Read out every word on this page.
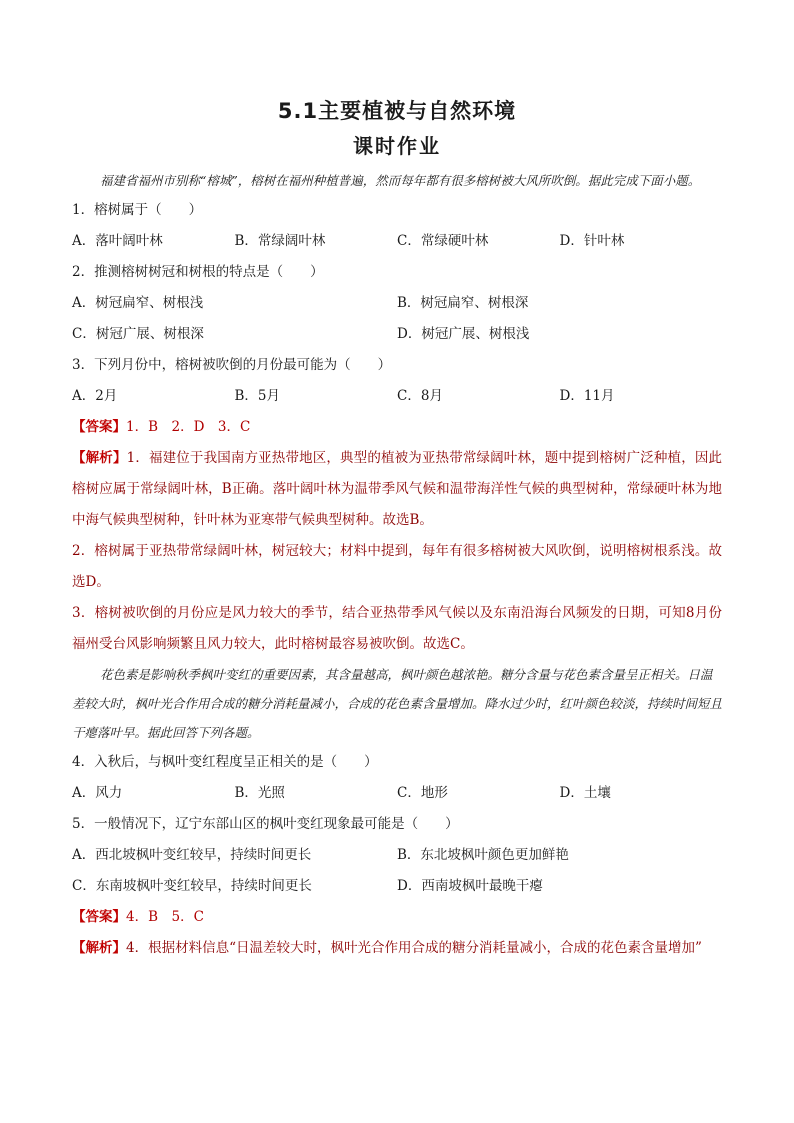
5.1主要植被与自然环境
课时作业

福建省福州市别称“榕城”，榕树在福州种植普遍，然而每年都有很多榕树被大风所吹倒。据此完成下面小题。

1．榕树属于（　　）

A．落叶阔叶林	B．常绿阔叶林	C．常绿硬叶林	D．针叶林

2．推测榕树树冠和树根的特点是（　　）

A．树冠扁窄、树根浅	B．树冠扁窄、树根深
C．树冠广展、树根深	D．树冠广展、树根浅

3．下列月份中，榕树被吹倒的月份最可能为（　　）

A．2月	B．5月	C．8月	D．11月

【答案】1．B　2．D　3．C

【解析】1．福建位于我国南方亚热带地区，典型的植被为亚热带常绿阔叶林，题中提到榕树广泛种植，因此榕树应属于常绿阔叶林，B正确。落叶阔叶林为温带季风气候和温带海洋性气候的典型树种，常绿硬叶林为地中海气候典型树种，针叶林为亚寒带气候典型树种。故选B。

2．榕树属于亚热带常绿阔叶林，树冠较大；材料中提到，每年有很多榕树被大风吹倒，说明榕树根系浅。故选D。

3．榕树被吹倒的月份应是风力较大的季节，结合亚热带季风气候以及东南沿海台风频发的日期，可知8月份福州受台风影响频繁且风力较大，此时榕树最容易被吹倒。故选C。

花色素是影响秋季枫叶变红的重要因素，其含量越高，枫叶颜色越浓艳。糖分含量与花色素含量呈正相关。日温差较大时，枫叶光合作用合成的糖分消耗量减小，合成的花色素含量增加。降水过少时，红叶颜色较淡，持续时间短且干瘪落叶早。据此回答下列各题。

4．入秋后，与枫叶变红程度呈正相关的是（　　）

A．风力	B．光照	C．地形	D．土壤

5．一般情况下，辽宁东部山区的枫叶变红现象最可能是（　　）

A．西北坡枫叶变红较早，持续时间更长	B．东北坡枫叶颜色更加鲜艳
C．东南坡枫叶变红较早，持续时间更长	D．西南坡枫叶最晚干瘪

【答案】4．B　5．C

【解析】4．根据材料信息“日温差较大时，枫叶光合作用合成的糖分消耗量减小，合成的花色素含量增加”
